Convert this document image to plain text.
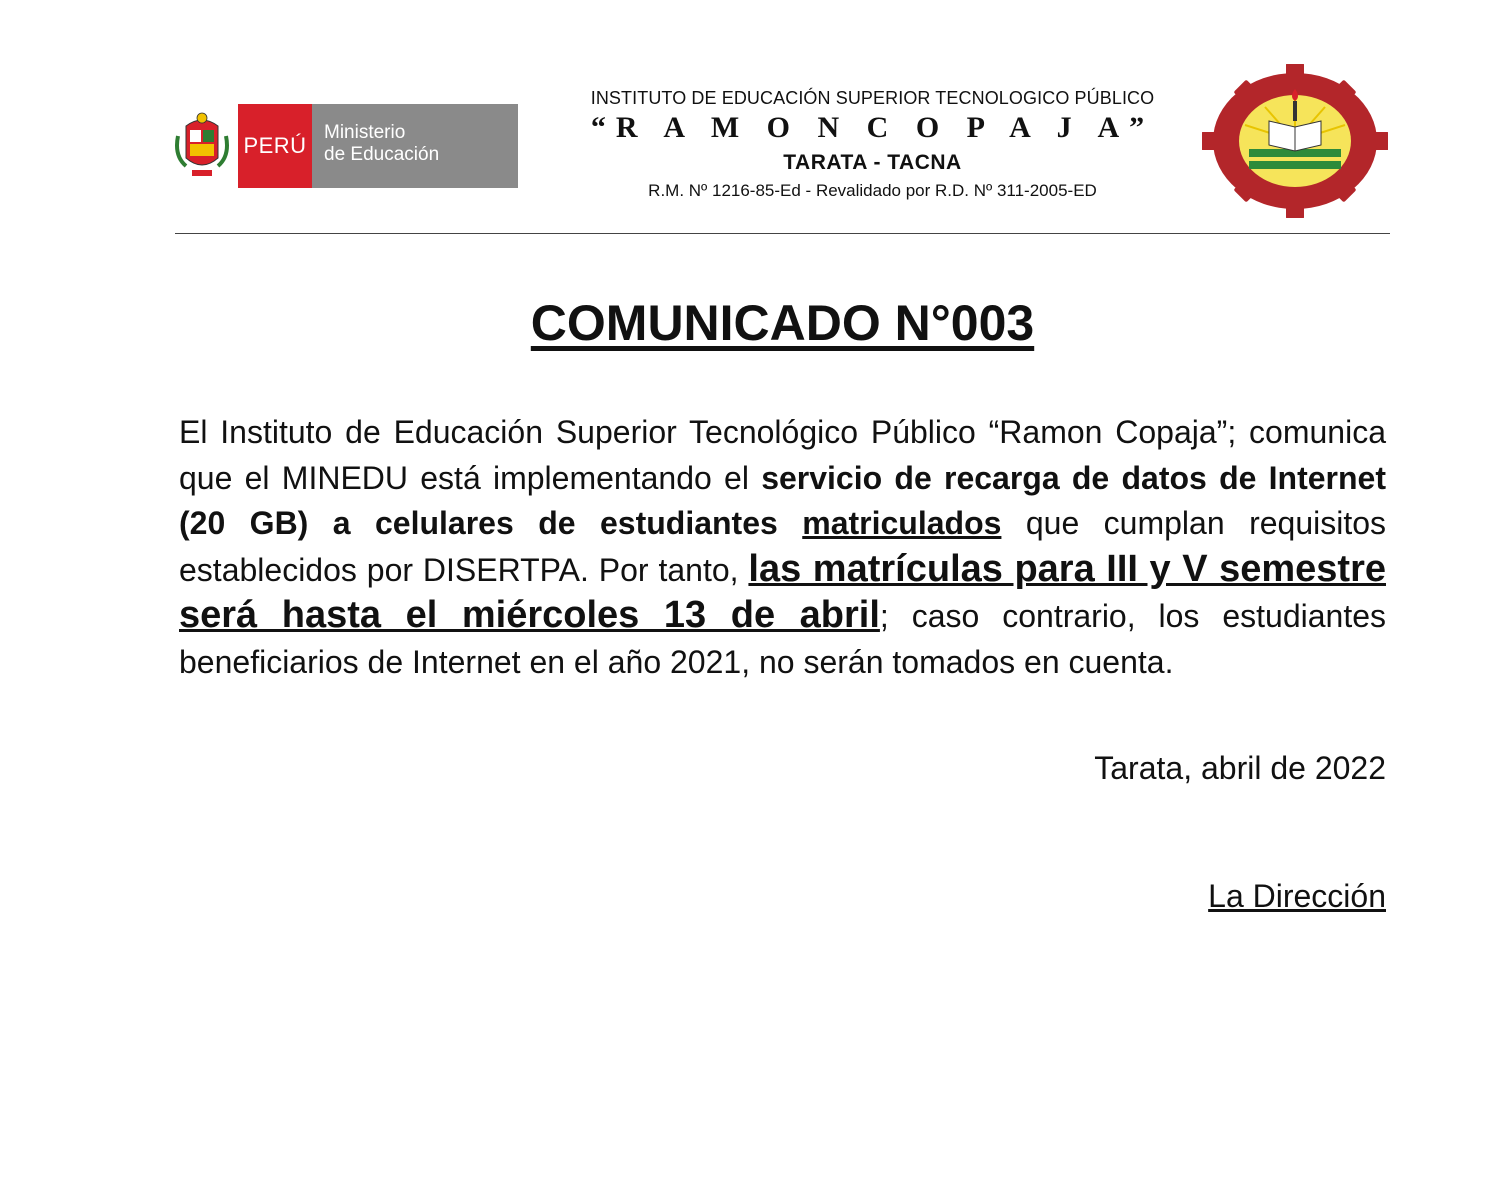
PERÚ
Ministerio
de Educación
INSTITUTO DE EDUCACIÓN SUPERIOR TECNOLOGICO PÚBLICO
“R A M O N C O P A J A”
TARATA - TACNA
R.M. Nº 1216-85-Ed - Revalidado por R.D. Nº 311-2005-ED
COMUNICADO N°003
El Instituto de Educación Superior Tecnológico Público “Ramon Copaja”; comunica que el MINEDU está implementando el servicio de recarga de datos de Internet (20 GB) a celulares de estudiantes matriculados que cumplan requisitos establecidos por DISERTPA. Por tanto, las matrículas para III y V semestre será hasta el miércoles 13 de abril; caso contrario, los estudiantes beneficiarios de Internet en el año 2021, no serán tomados en cuenta.
Tarata, abril de 2022
La Dirección
